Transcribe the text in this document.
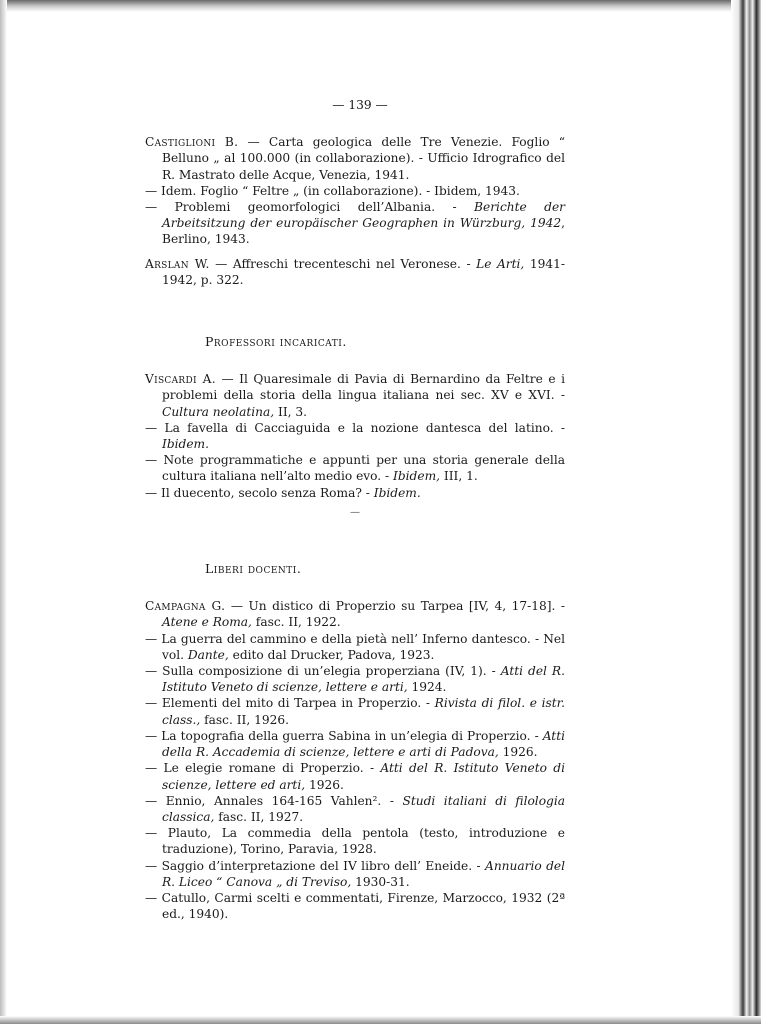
— 139 —

Castiglioni B. — Carta geologica delle Tre Venezie. Foglio “ Belluno „ al 100.000 (in collaborazione). - Ufficio Idrografico del R. Mastrato delle Acque, Venezia, 1941.

— Idem. Foglio “ Feltre „ (in collaborazione). - Ibidem, 1943.

— Problemi geomorfologici dell’Albania. - Berichte der Arbeitsitzung der europäischer Geographen in Würzburg, 1942, Berlino, 1943.

Arslan W. — Affreschi trecenteschi nel Veronese. - Le Arti, 1941-1942, p. 322.

Professori incaricati.

Viscardi A. — Il Quaresimale di Pavia di Bernardino da Feltre e i problemi della storia della lingua italiana nei sec. XV e XVI. - Cultura neolatina, II, 3.

— La favella di Cacciaguida e la nozione dantesca del latino. - Ibidem.

— Note programmatiche e appunti per una storia generale della cultura italiana nell’alto medio evo. - Ibidem, III, 1.

— Il duecento, secolo senza Roma? - Ibidem.

—

Liberi docenti.

Campagna G. — Un distico di Properzio su Tarpea [IV, 4, 17-18]. - Atene e Roma, fasc. II, 1922.

— La guerra del cammino e della pietà nell’ Inferno dantesco. - Nel vol. Dante, edito dal Drucker, Padova, 1923.

— Sulla composizione di un’elegia properziana (IV, 1). - Atti del R. Istituto Veneto di scienze, lettere e arti, 1924.

— Elementi del mito di Tarpea in Properzio. - Rivista di filol. e istr. class., fasc. II, 1926.

— La topografia della guerra Sabina in un’elegia di Properzio. - Atti della R. Accademia di scienze, lettere e arti di Padova, 1926.

— Le elegie romane di Properzio. - Atti del R. Istituto Veneto di scienze, lettere ed arti, 1926.

— Ennio, Annales 164-165 Vahlen². - Studi italiani di filologia classica, fasc. II, 1927.

— Plauto, La commedia della pentola (testo, introduzione e traduzione), Torino, Paravia, 1928.

— Saggio d’interpretazione del IV libro dell’ Eneide. - Annuario del R. Liceo “ Canova „ di Treviso, 1930-31.

— Catullo, Carmi scelti e commentati, Firenze, Marzocco, 1932 (2ª ed., 1940).
